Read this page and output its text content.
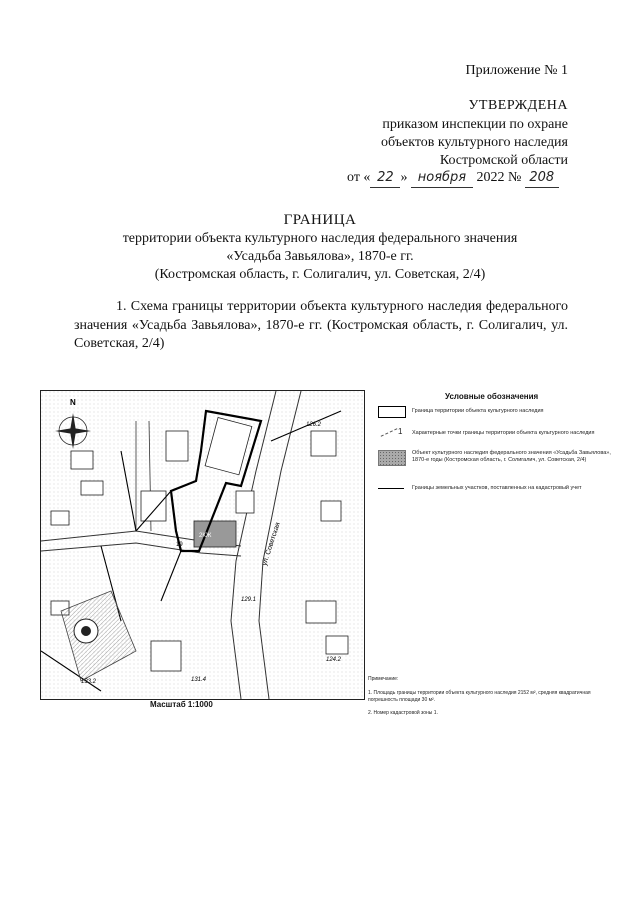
Приложение № 1
УТВЕРЖДЕНА
приказом инспекции по охране
объектов культурного наследия
Костромской области
от « 22 » ноября 2022 № 208
ГРАНИЦА
территории объекта культурного наследия федерального значения
«Усадьба Завьялова», 1870-е гг.
(Костромская область, г. Солигалич, ул. Советская, 2/4)
1. Схема границы территории объекта культурного наследия федерального значения «Усадьба Завьялова», 1870-е гг. (Костромская область, г. Солигалич, ул. Советская, 2/4)
N
ул. Советская
126.2
129.1
133.2	131.4
124.2
2КЖ
19
Масштаб 1:1000
Условные обозначения
Граница территории объекта культурного наследия
1 Характерные точки границы территории объекта культурного наследия
Объект культурного наследия федерального значения «Усадьба Завьялова», 1870-е годы (Костромская область, г. Солигалич, ул. Советская, 2/4)
Границы земельных участков, поставленных на кадастровый учет
Примечание:
1. Площадь границы территории объекта культурного наследия 2152 м², средняя квадратичная погрешность площади 30 м².
2. Номер кадастровой зоны 1.
